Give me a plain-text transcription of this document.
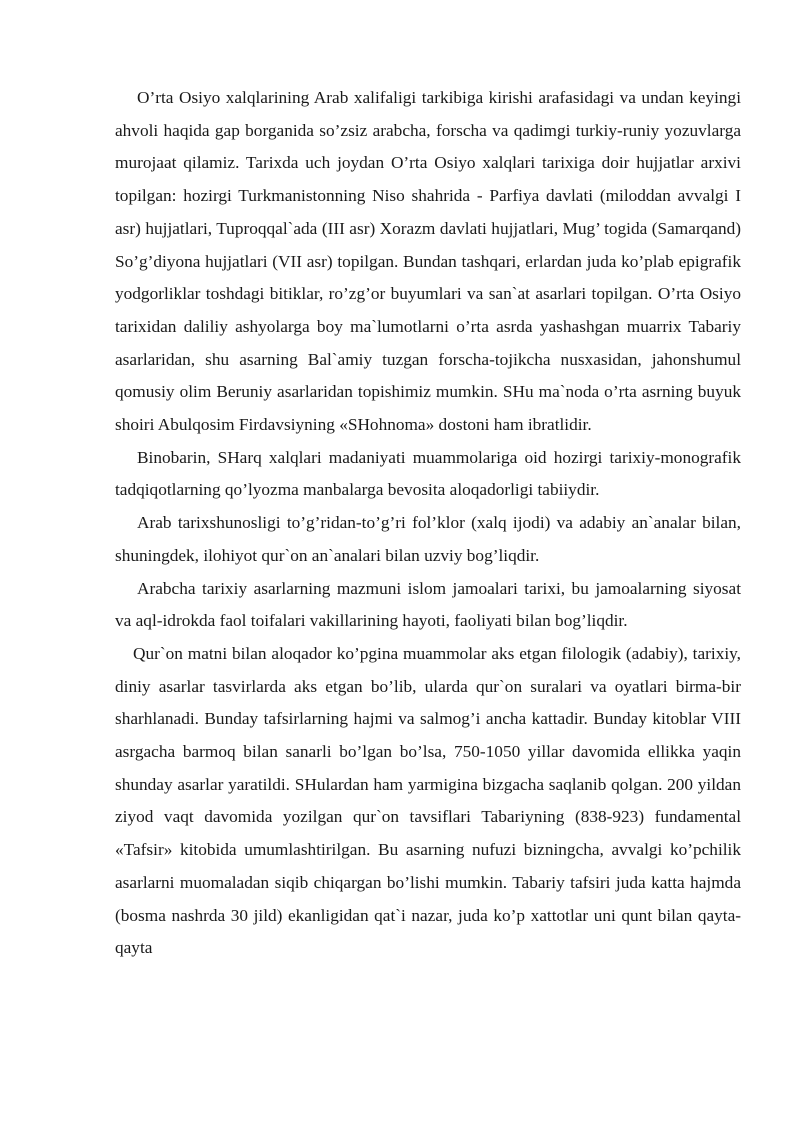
O’rta Osiyo xalqlarining Arab xalifaligi tarkibiga kirishi arafasidagi va undan keyingi ahvoli haqida gap borganida so’zsiz arabcha, forscha va qadimgi turkiy-runiy yozuvlarga murojaat qilamiz. Tarixda uch joydan O’rta Osiyo xalqlari tarixiga doir hujjatlar arxivi topilgan: hozirgi Turkmanistonning Niso shahrida - Parfiya davlati (miloddan avvalgi I asr) hujjatlari, Tuproqqal`ada (III asr) Xorazm davlati hujjatlari, Mug’ togida (Samarqand) So’g’diyona hujjatlari (VII asr) topilgan. Bundan tashqari, erlardan juda ko’plab epigrafik yodgorliklar toshdagi bitiklar, ro’zg’or buyumlari va san`at asarlari topilgan. O’rta Osiyo tarixidan daliliy ashyolarga boy ma`lumotlarni o’rta asrda yashashgan muarrix Tabariy asarlaridan, shu asarning Bal`amiy tuzgan forscha-tojikcha nusxasidan, jahonshumul qomusiy olim Beruniy asarlaridan topishimiz mumkin. SHu ma`noda o’rta asrning buyuk shoiri Abulqosim Firdavsiyning «SHohnoma» dostoni ham ibratlidir.

Binobarin, SHarq xalqlari madaniyati muammolariga oid hozirgi tarixiy-monografik tadqiqotlarning qo’lyozma manbalarga bevosita aloqadorligi tabiiydir.

Arab tarixshunosligi to’g’ridan-to’g’ri fol’klor (xalq ijodi) va adabiy an`analar bilan, shuningdek, ilohiyot qur`on an`analari bilan uzviy bog’liqdir.

Arabcha tarixiy asarlarning mazmuni islom jamoalari tarixi, bu jamoalarning siyosat va aql-idrokda faol toifalari vakillarining hayoti, faoliyati bilan bog’liqdir.

Qur`on matni bilan aloqador ko’pgina muammolar aks etgan filologik (adabiy), tarixiy, diniy asarlar tasvirlarda aks etgan bo’lib, ularda qur`on suralari va oyatlari birma-bir sharhlanadi. Bunday tafsirlarning hajmi va salmog’i ancha kattadir. Bunday kitoblar VIII asrgacha barmoq bilan sanarli bo’lgan bo’lsa, 750-1050 yillar davomida ellikka yaqin shunday asarlar yaratildi. SHulardan ham yarmigina bizgacha saqlanib qolgan. 200 yildan ziyod vaqt davomida yozilgan qur`on tavsiflari Tabariyning (838-923) fundamental «Tafsir» kitobida umumlashtirilgan. Bu asarning nufuzi bizningcha, avvalgi ko’pchilik asarlarni muomaladan siqib chiqargan bo’lishi mumkin. Tabariy tafsiri juda katta hajmda (bosma nashrda 30 jild) ekanligidan qat`i nazar, juda ko’p xattotlar uni qunt bilan qayta-qayta
